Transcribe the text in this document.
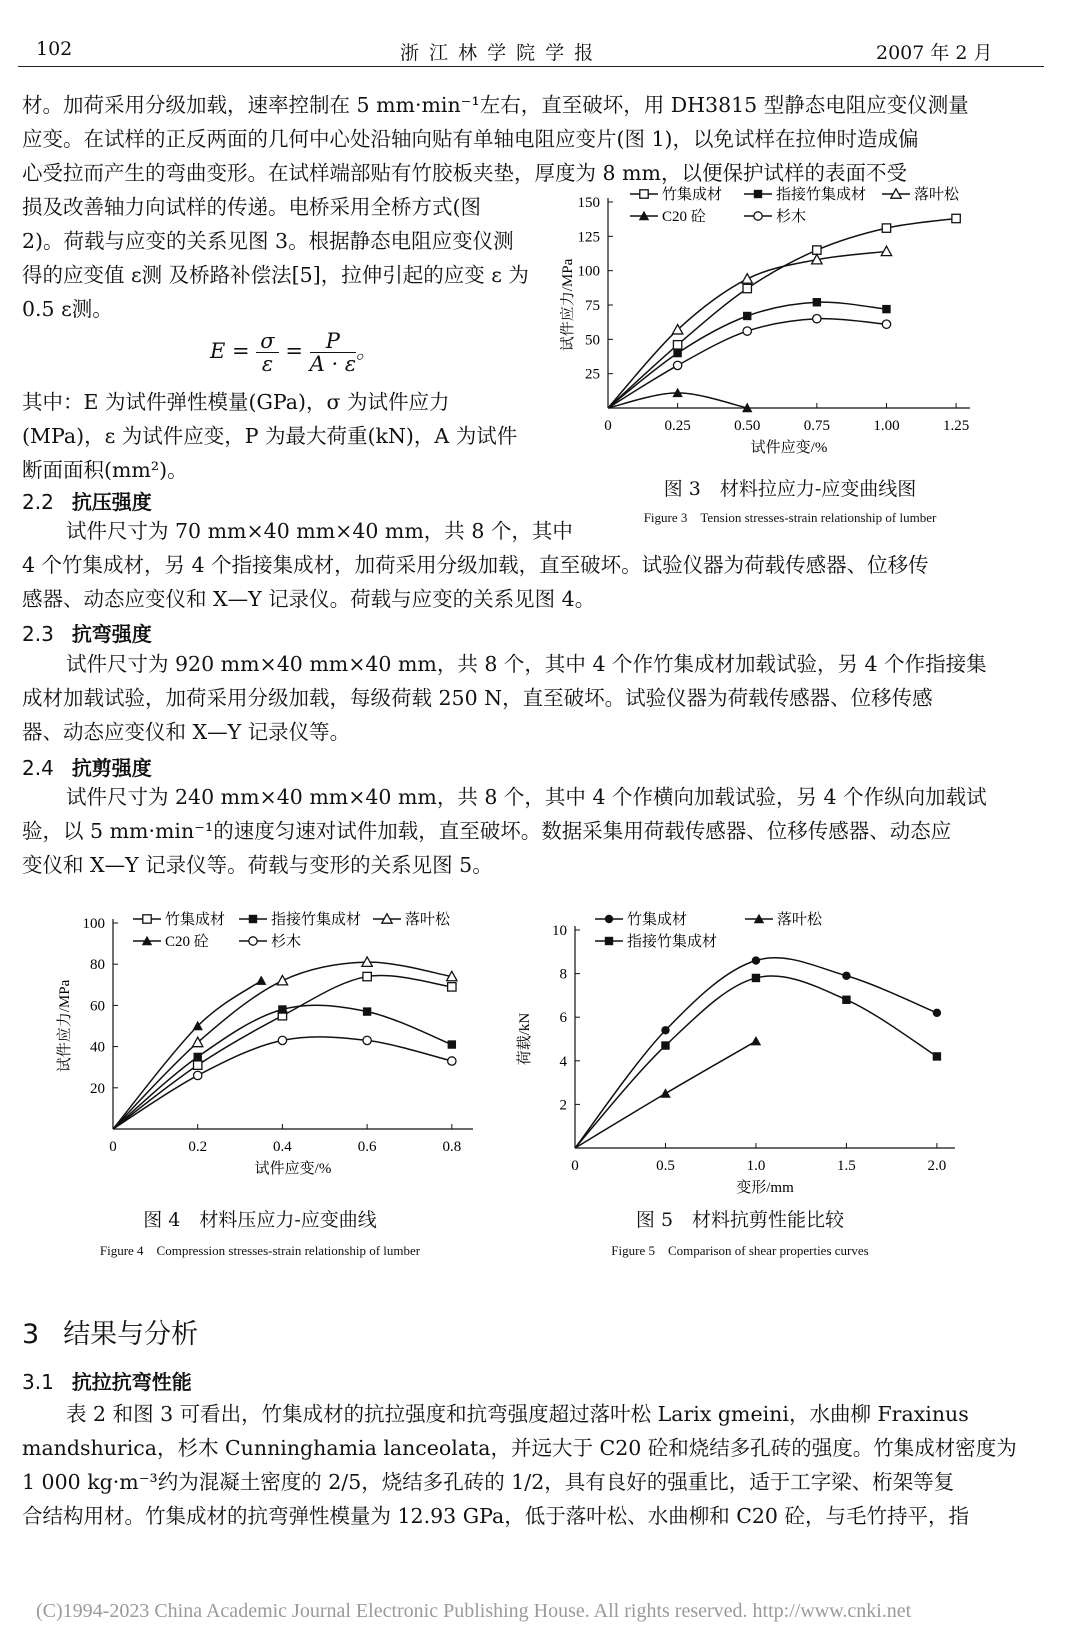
102	浙 江 林 学 院 学 报	2007 年 2 月

材。加荷采用分级加载，速率控制在 5 mm·min⁻¹左右，直至破坏，用 DH3815 型静态电阻应变仪测量

应变。在试样的正反两面的几何中心处沿轴向贴有单轴电阻应变片(图 1)，以免试样在拉伸时造成偏

心受拉而产生的弯曲变形。在试样端部贴有竹胶板夹垫，厚度为 8 mm，以便保护试样的表面不受

损及改善轴力向试样的传递。电桥采用全桥方式(图

2)。荷载与应变的关系见图 3。根据静态电阻应变仪测

得的应变值 ε测 及桥路补偿法[5]，拉伸引起的应变 ε 为

0.5 ε测。

$E = \frac{\sigma}{\varepsilon} = \frac{P}{A \cdot \varepsilon}$ 。

其中：E 为试件弹性模量(GPa)，σ 为试件应力

(MPa)，ε 为试件应变，P 为最大荷重(kN)，A 为试件

断面面积(mm²)。

2.2 抗压强度

试件尺寸为 70 mm×40 mm×40 mm，共 8 个，其中

4 个竹集成材，另 4 个指接集成材，加荷采用分级加载，直至破坏。试验仪器为荷载传感器、位移传

感器、动态应变仪和 X—Y 记录仪。荷载与应变的关系见图 4。

2.3 抗弯强度

试件尺寸为 920 mm×40 mm×40 mm，共 8 个，其中 4 个作竹集成材加载试验，另 4 个作指接集

成材加载试验，加荷采用分级加载，每级荷载 250 N，直至破坏。试验仪器为荷载传感器、位移传感

器、动态应变仪和 X—Y 记录仪等。

2.4 抗剪强度

试件尺寸为 240 mm×40 mm×40 mm，共 8 个，其中 4 个作横向加载试验，另 4 个作纵向加载试

验，以 5 mm·min⁻¹的速度匀速对试件加载，直至破坏。数据采集用荷载传感器、位移传感器、动态应

变仪和 X—Y 记录仪等。荷载与变形的关系见图 5。

0	0.25	0.50	0.75	1.00	1.25
25
50
75
100
125
150
试件应变/%
试件应力/MPa
竹集成材	指接竹集成材	落叶松
C20 砼	杉木
图 3　材料拉应力-应变曲线图
Figure 3　Tension stresses-strain relationship of lumber
0	0.2	0.4	0.6	0.8
20
40
60
80
100
试件应变/%
试件应力/MPa
竹集成材	指接竹集成材	落叶松
C20 砼	杉木
图 4　材料压应力-应变曲线
Figure 4　Compression stresses-strain relationship of lumber
0	0.5	1.0	1.5	2.0
2
4
6
8
10
变形/mm
荷载/kN
竹集成材	落叶松
指接竹集成材
图 5　材料抗剪性能比较
Figure 5　Comparison of shear properties curves
3 结果与分析
3.1 抗拉抗弯性能

表 2 和图 3 可看出，竹集成材的抗拉强度和抗弯强度超过落叶松 Larix gmeini，水曲柳 Fraxinus

mandshurica，杉木 Cunninghamia lanceolata，并远大于 C20 砼和烧结多孔砖的强度。竹集成材密度为

1 000 kg·m⁻³约为混凝土密度的 2/5，烧结多孔砖的 1/2，具有良好的强重比，适于工字梁、桁架等复

合结构用材。竹集成材的抗弯弹性模量为 12.93 GPa，低于落叶松、水曲柳和 C20 砼，与毛竹持平，指

(C)1994-2023 China Academic Journal Electronic Publishing House. All rights reserved. http://www.cnki.net
